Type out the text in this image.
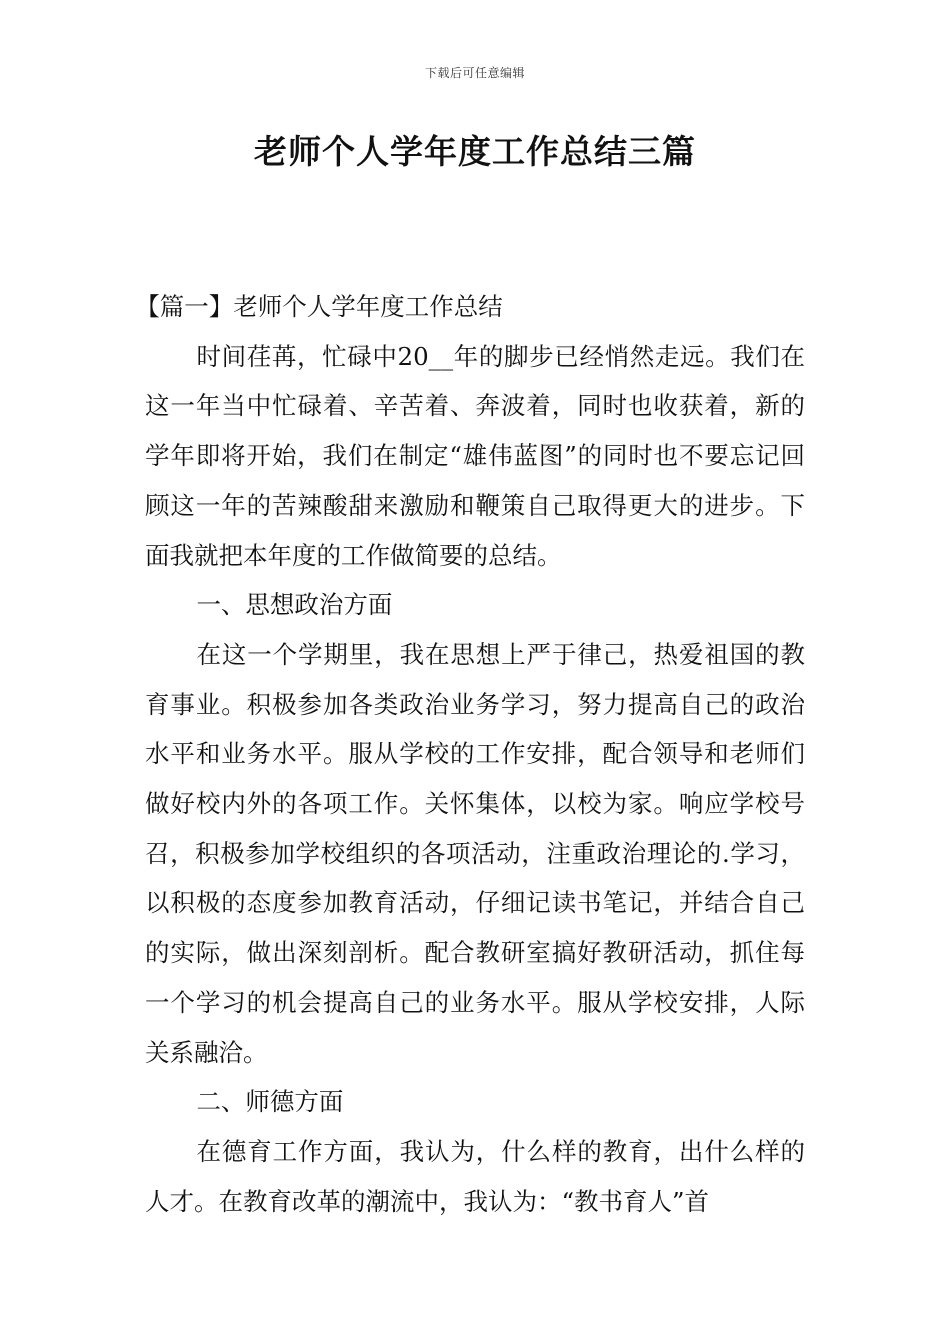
下载后可任意编辑
老师个人学年度工作总结三篇

【篇一】老师个人学年度工作总结

时间荏苒，忙碌中20__年的脚步已经悄然走远。我们在这一年当中忙碌着、辛苦着、奔波着，同时也收获着，新的学年即将开始，我们在制定“雄伟蓝图”的同时也不要忘记回顾这一年的苦辣酸甜来激励和鞭策自己取得更大的进步。下面我就把本年度的工作做简要的总结。

一、思想政治方面

在这一个学期里，我在思想上严于律己，热爱祖国的教育事业。积极参加各类政治业务学习，努力提高自己的政治水平和业务水平。服从学校的工作安排，配合领导和老师们做好校内外的各项工作。关怀集体，以校为家。响应学校号召，积极参加学校组织的各项活动，注重政治理论的.学习，以积极的态度参加教育活动，仔细记读书笔记，并结合自己的实际，做出深刻剖析。配合教研室搞好教研活动，抓住每一个学习的机会提高自己的业务水平。服从学校安排，人际关系融洽。

二、师德方面

在德育工作方面，我认为，什么样的教育，出什么样的人才。在教育改革的潮流中，我认为：“教书育人”首
